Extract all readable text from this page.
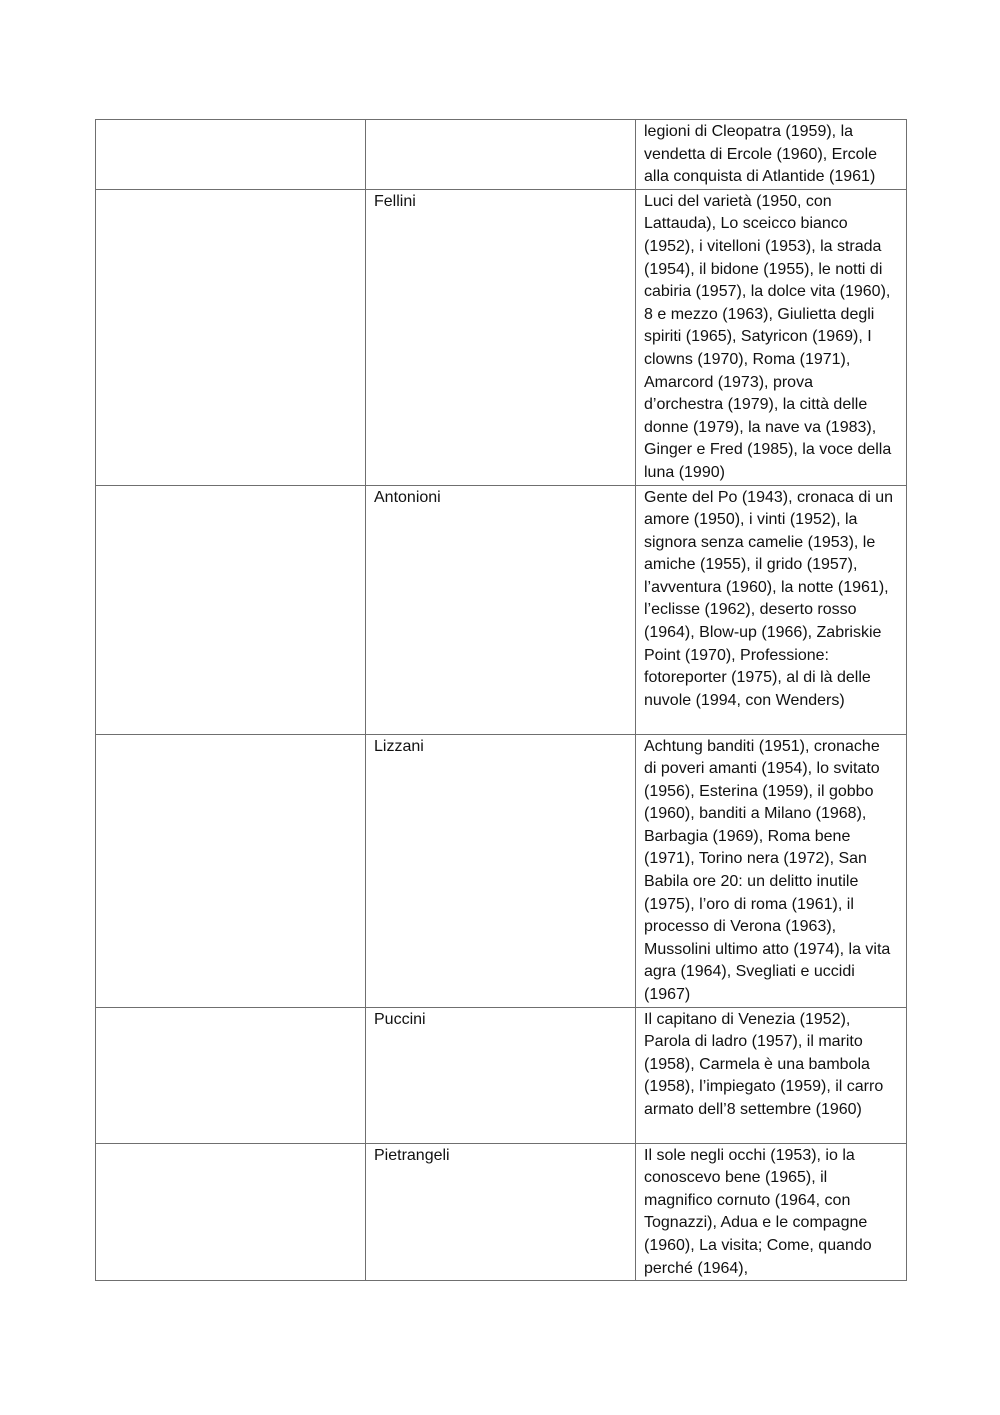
		legioni di Cleopatra (1959), la vendetta di Ercole (1960), Ercole alla conquista di Atlantide (1961)
	Fellini	Luci del varietà (1950, con Lattauda), Lo sceicco bianco (1952), i vitelloni (1953), la strada (1954), il bidone (1955), le notti di cabiria (1957), la dolce vita (1960), 8 e mezzo (1963), Giulietta degli spiriti (1965), Satyricon (1969), I clowns (1970), Roma (1971), Amarcord (1973), prova d’orchestra (1979), la città delle donne (1979), la nave va (1983), Ginger e Fred (1985), la voce della luna (1990)
	Antonioni	Gente del Po (1943), cronaca di un amore (1950), i vinti (1952), la signora senza camelie (1953), le amiche (1955), il grido (1957), l’avventura (1960), la notte (1961), l’eclisse (1962), deserto rosso (1964), Blow-up (1966), Zabriskie Point (1970), Professione: fotoreporter (1975), al di là delle nuvole (1994, con Wenders)
	Lizzani	Achtung banditi (1951), cronache di poveri amanti (1954), lo svitato (1956), Esterina (1959), il gobbo (1960), banditi a Milano (1968), Barbagia (1969), Roma bene (1971), Torino nera (1972), San Babila ore 20: un delitto inutile (1975), l’oro di roma (1961), il processo di Verona (1963), Mussolini ultimo atto (1974), la vita agra (1964), Svegliati e uccidi (1967)
	Puccini	Il capitano di Venezia (1952), Parola di ladro (1957), il marito (1958), Carmela è una bambola (1958), l’impiegato (1959), il carro armato dell’8 settembre (1960)
	Pietrangeli	Il sole negli occhi (1953), io la conoscevo bene (1965), il magnifico cornuto (1964, con Tognazzi), Adua e le compagne (1960), La visita; Come, quando perché (1964),
